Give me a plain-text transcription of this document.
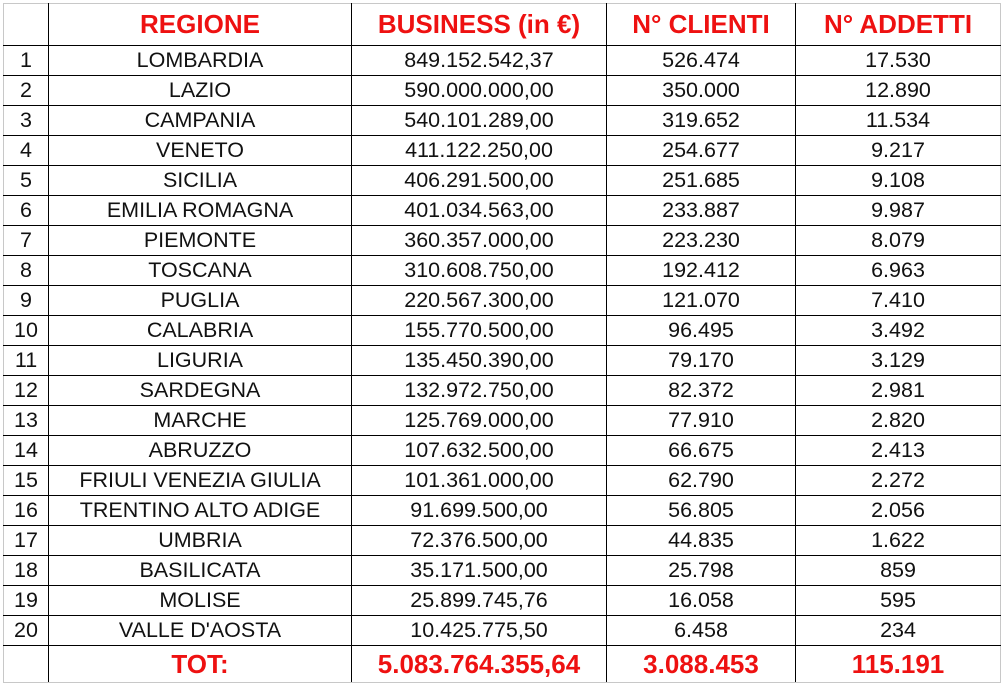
	REGIONE	BUSINESS (in €)	N° CLIENTI	N° ADDETTI
1	LOMBARDIA	849.152.542,37	526.474	17.530
2	LAZIO	590.000.000,00	350.000	12.890
3	CAMPANIA	540.101.289,00	319.652	11.534
4	VENETO	411.122.250,00	254.677	9.217
5	SICILIA	406.291.500,00	251.685	9.108
6	EMILIA ROMAGNA	401.034.563,00	233.887	9.987
7	PIEMONTE	360.357.000,00	223.230	8.079
8	TOSCANA	310.608.750,00	192.412	6.963
9	PUGLIA	220.567.300,00	121.070	7.410
10	CALABRIA	155.770.500,00	96.495	3.492
11	LIGURIA	135.450.390,00	79.170	3.129
12	SARDEGNA	132.972.750,00	82.372	2.981
13	MARCHE	125.769.000,00	77.910	2.820
14	ABRUZZO	107.632.500,00	66.675	2.413
15	FRIULI VENEZIA GIULIA	101.361.000,00	62.790	2.272
16	TRENTINO ALTO ADIGE	91.699.500,00	56.805	2.056
17	UMBRIA	72.376.500,00	44.835	1.622
18	BASILICATA	35.171.500,00	25.798	859
19	MOLISE	25.899.745,76	16.058	595
20	VALLE D'AOSTA	10.425.775,50	6.458	234
	TOT:	5.083.764.355,64	3.088.453	115.191
